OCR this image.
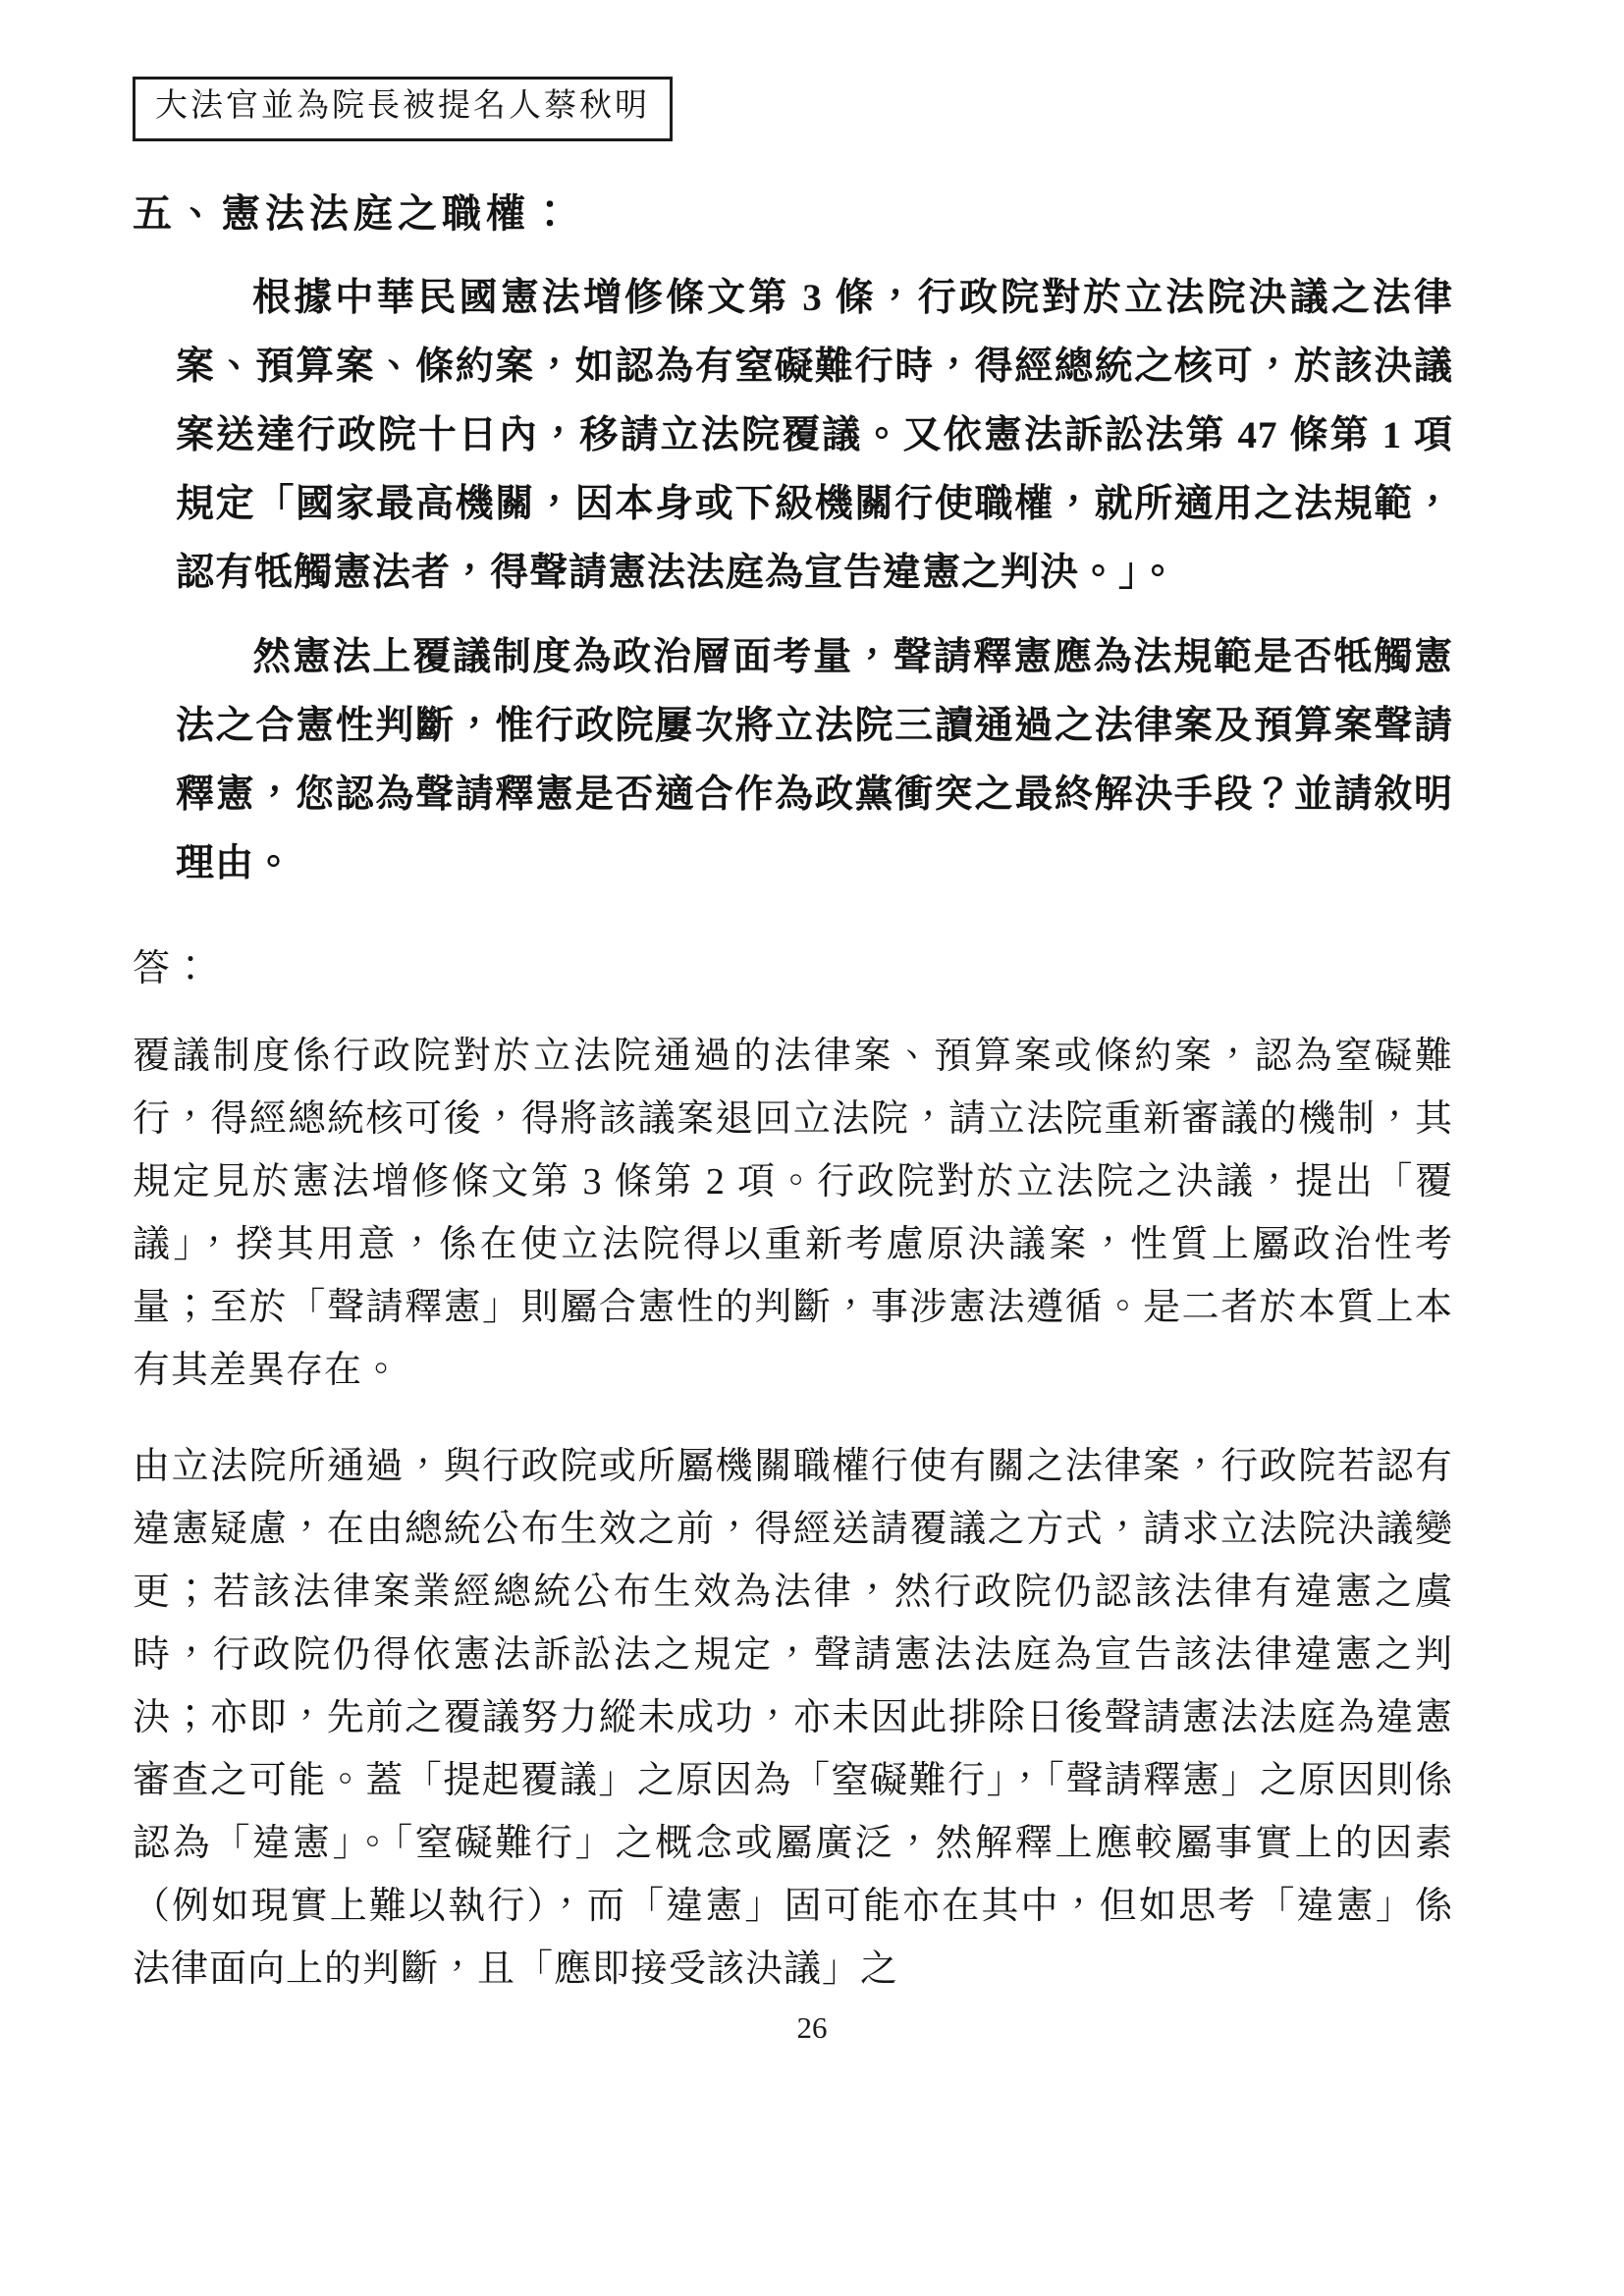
大法官並為院長被提名人蔡秋明
五、憲法法庭之職權：

根據中華民國憲法增修條文第 3 條，行政院對於立法院決議之法律案、預算案、條約案，如認為有窒礙難行時，得經總統之核可，於該決議案送達行政院十日內，移請立法院覆議。又依憲法訴訟法第 47 條第 1 項規定「國家最高機關，因本身或下級機關行使職權，就所適用之法規範，認有牴觸憲法者，得聲請憲法法庭為宣告違憲之判決。」。

然憲法上覆議制度為政治層面考量，聲請釋憲應為法規範是否牴觸憲法之合憲性判斷，惟行政院屢次將立法院三讀通過之法律案及預算案聲請釋憲，您認為聲請釋憲是否適合作為政黨衝突之最終解決手段？並請敘明理由。

答：

覆議制度係行政院對於立法院通過的法律案、預算案或條約案，認為窒礙難行，得經總統核可後，得將該議案退回立法院，請立法院重新審議的機制，其規定見於憲法增修條文第 3 條第 2 項。行政院對於立法院之決議，提出「覆議」，揆其用意，係在使立法院得以重新考慮原決議案，性質上屬政治性考量；至於「聲請釋憲」則屬合憲性的判斷，事涉憲法遵循。是二者於本質上本有其差異存在。

由立法院所通過，與行政院或所屬機關職權行使有關之法律案，行政院若認有違憲疑慮，在由總統公布生效之前，得經送請覆議之方式，請求立法院決議變更；若該法律案業經總統公布生效為法律，然行政院仍認該法律有違憲之虞時，行政院仍得依憲法訴訟法之規定，聲請憲法法庭為宣告該法律違憲之判決；亦即，先前之覆議努力縱未成功，亦未因此排除日後聲請憲法法庭為違憲審查之可能。蓋「提起覆議」之原因為「窒礙難行」，「聲請釋憲」之原因則係認為「違憲」。「窒礙難行」之概念或屬廣泛，然解釋上應較屬事實上的因素（例如現實上難以執行），而「違憲」固可能亦在其中，但如思考「違憲」係法律面向上的判斷，且「應即接受該決議」之

26
